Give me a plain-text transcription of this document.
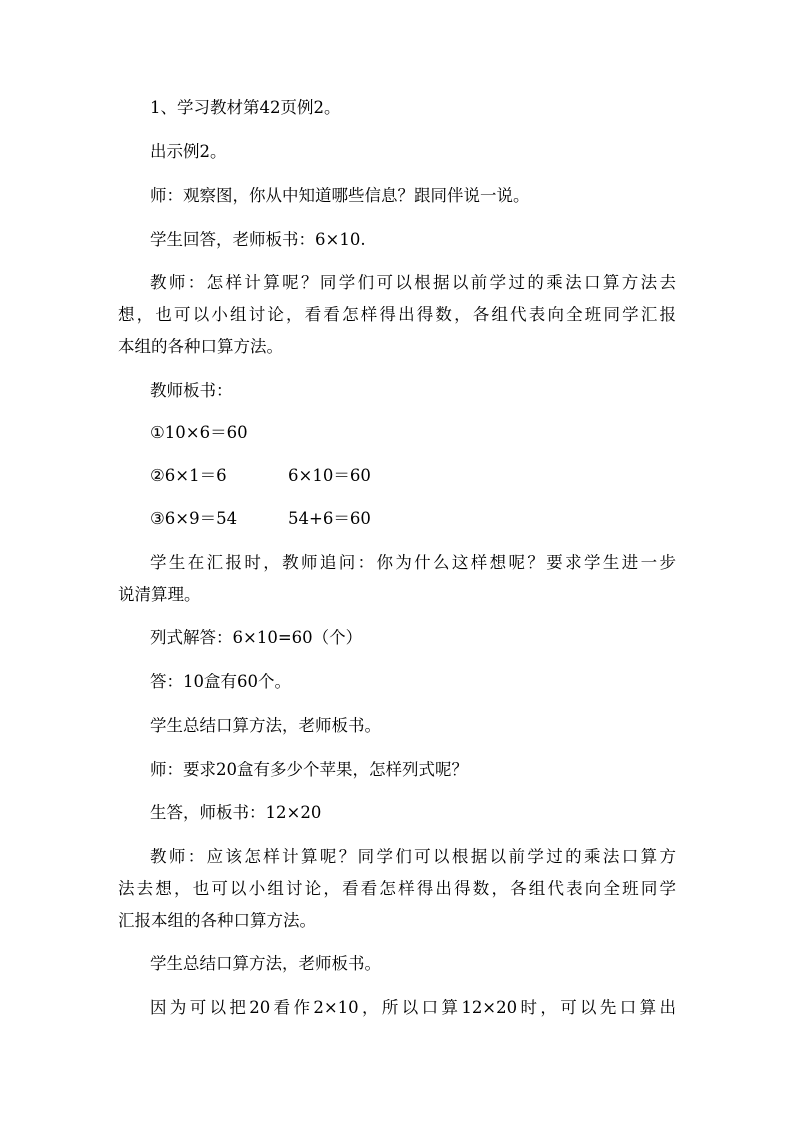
1、学习教材第42页例2。
出示例2。
师：观察图，你从中知道哪些信息？跟同伴说一说。
学生回答，老师板书：6×10.
教师：怎样计算呢？同学们可以根据以前学过的乘法口算方法去
想，也可以小组讨论，看看怎样得出得数，各组代表向全班同学汇报
本组的各种口算方法。
教师板书：
①10×6＝60
②6×1＝6	6×10＝60
③6×9＝54	54+6＝60
学生在汇报时，教师追问：你为什么这样想呢？要求学生进一步
说清算理。
列式解答：6×10=60（个）
答：10盒有60个。
学生总结口算方法，老师板书。
师：要求20盒有多少个苹果，怎样列式呢？
生答，师板书：12×20
教师：应该怎样计算呢？同学们可以根据以前学过的乘法口算方
法去想，也可以小组讨论，看看怎样得出得数，各组代表向全班同学
汇报本组的各种口算方法。
学生总结口算方法，老师板书。
因为可以把20看作2×10，所以口算12×20时，可以先口算出
